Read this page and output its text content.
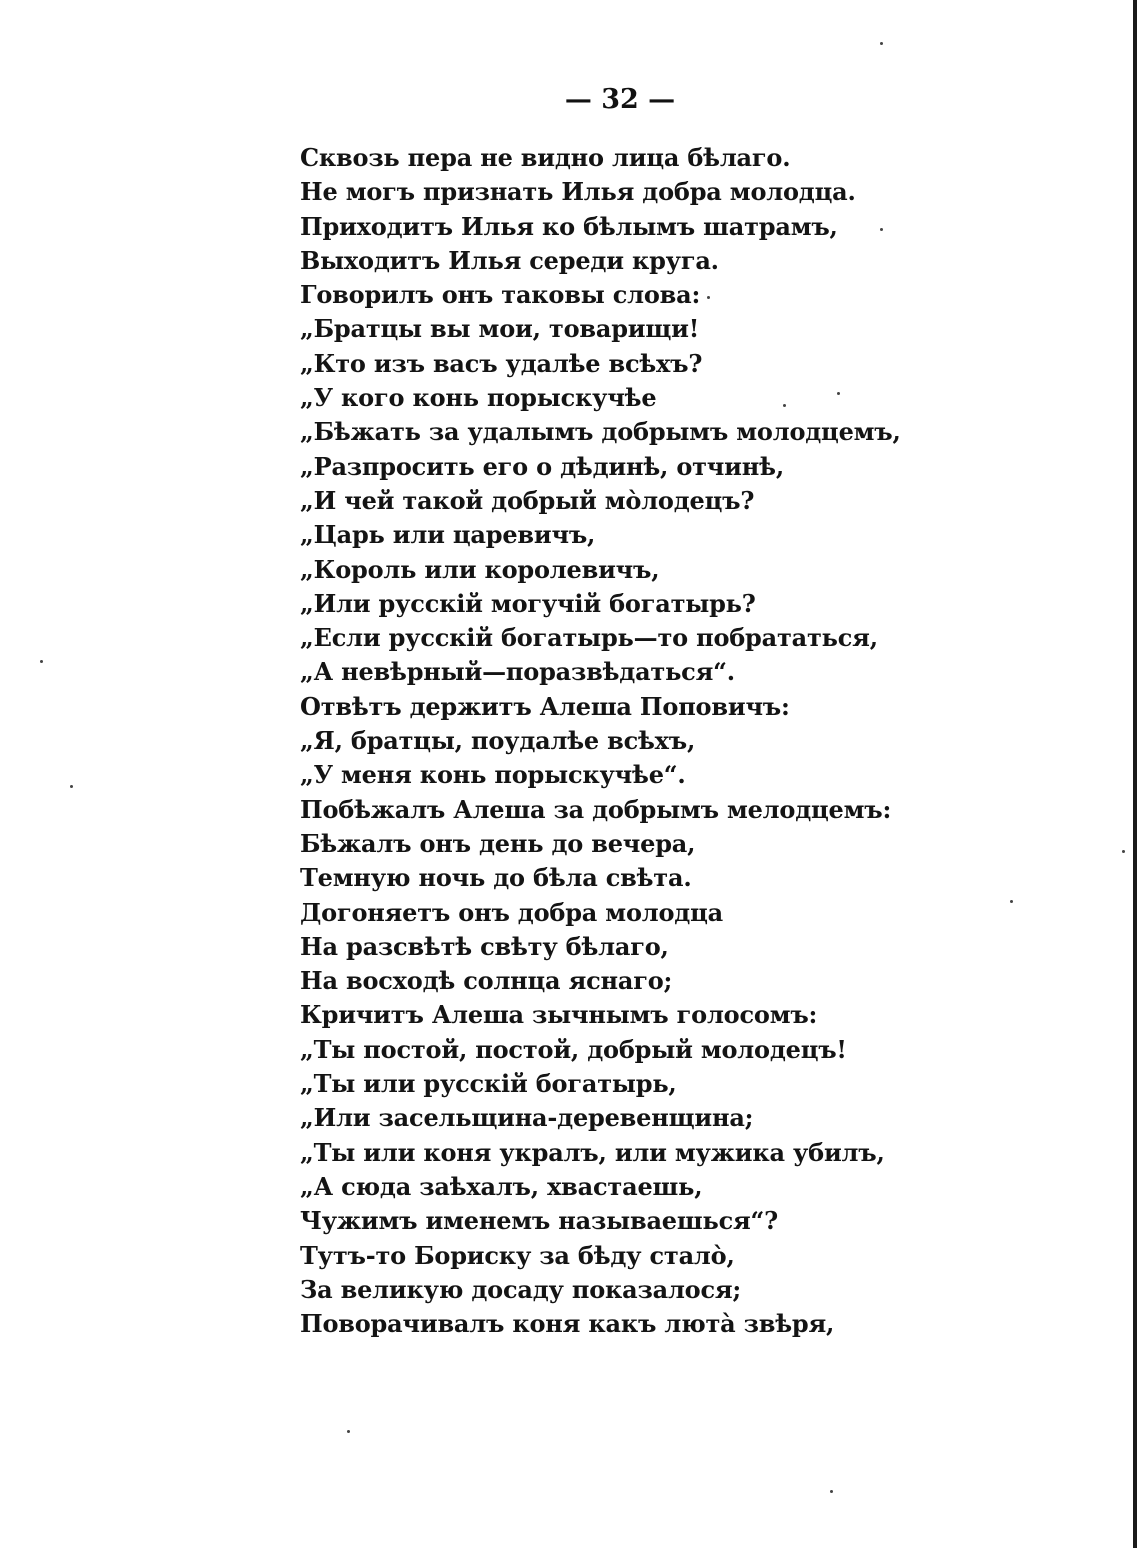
— 32 —
Сквозь пера не видно лица бѣлаго.
Не могъ признать Илья добра молодца.
Приходитъ Илья ко бѣлымъ шатрамъ,
Выходитъ Илья середи круга.
Говорилъ онъ таковы слова:
„Братцы вы мои, товарищи!
„Кто изъ васъ удалѣе всѣхъ?
„У кого конь порыскучѣе
„Бѣжать за удалымъ добрымъ молодцемъ,
„Разпросить его о дѣдинѣ, отчинѣ,
„И чей такой добрый мо̀лодецъ?
„Царь или царевичъ,
„Король или королевичъ,
„Или русскій могучій богатырь?
„Если русскій богатырь—то побрататься,
„А невѣрный—поразвѣдаться“.
Отвѣтъ держитъ Алеша Поповичъ:
„Я, братцы, поудалѣе всѣхъ,
„У меня конь порыскучѣе“.
Побѣжалъ Алеша за добрымъ мелодцемъ:
Бѣжалъ онъ день до вечера,
Темную ночь до бѣла свѣта.
Догоняетъ онъ добра молодца
На разсвѣтѣ свѣту бѣлаго,
На восходѣ солнца яснаго;
Кричитъ Алеша зычнымъ голосомъ:
„Ты постой, постой, добрый молодецъ!
„Ты или русскій богатырь,
„Или засельщина-деревенщина;
„Ты или коня укралъ, или мужика убилъ,
„А сюда заѣхалъ, хвастаешь,
Чужимъ именемъ называешься“?
Тутъ-то Бориску за бѣду стало̀,
За великую досаду показалося;
Поворачивалъ коня какъ люта̀ звѣря,
